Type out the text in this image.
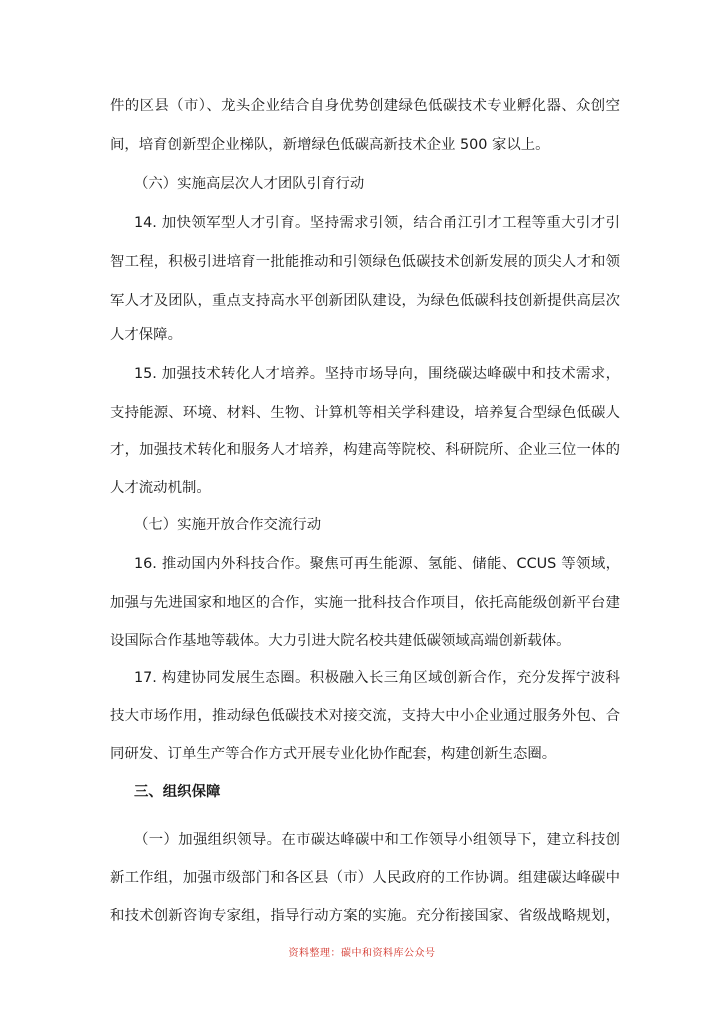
件的区县（市）、龙头企业结合自身优势创建绿色低碳技术专业孵化器、众创空
间，培育创新型企业梯队，新增绿色低碳高新技术企业 500 家以上。
（六）实施高层次人才团队引育行动
14. 加快领军型人才引育。坚持需求引领，结合甬江引才工程等重大引才引
智工程，积极引进培育一批能推动和引领绿色低碳技术创新发展的顶尖人才和领
军人才及团队，重点支持高水平创新团队建设，为绿色低碳科技创新提供高层次
人才保障。
15. 加强技术转化人才培养。坚持市场导向，围绕碳达峰碳中和技术需求，
支持能源、环境、材料、生物、计算机等相关学科建设，培养复合型绿色低碳人
才，加强技术转化和服务人才培养，构建高等院校、科研院所、企业三位一体的
人才流动机制。
（七）实施开放合作交流行动
16. 推动国内外科技合作。聚焦可再生能源、氢能、储能、CCUS 等领域，
加强与先进国家和地区的合作，实施一批科技合作项目，依托高能级创新平台建
设国际合作基地等载体。大力引进大院名校共建低碳领域高端创新载体。
17. 构建协同发展生态圈。积极融入长三角区域创新合作，充分发挥宁波科
技大市场作用，推动绿色低碳技术对接交流，支持大中小企业通过服务外包、合
同研发、订单生产等合作方式开展专业化协作配套，构建创新生态圈。
三、组织保障
（一）加强组织领导。在市碳达峰碳中和工作领导小组领导下，建立科技创
新工作组，加强市级部门和各区县（市）人民政府的工作协调。组建碳达峰碳中
和技术创新咨询专家组，指导行动方案的实施。充分衔接国家、省级战略规划，
资料整理：碳中和资料库公众号
